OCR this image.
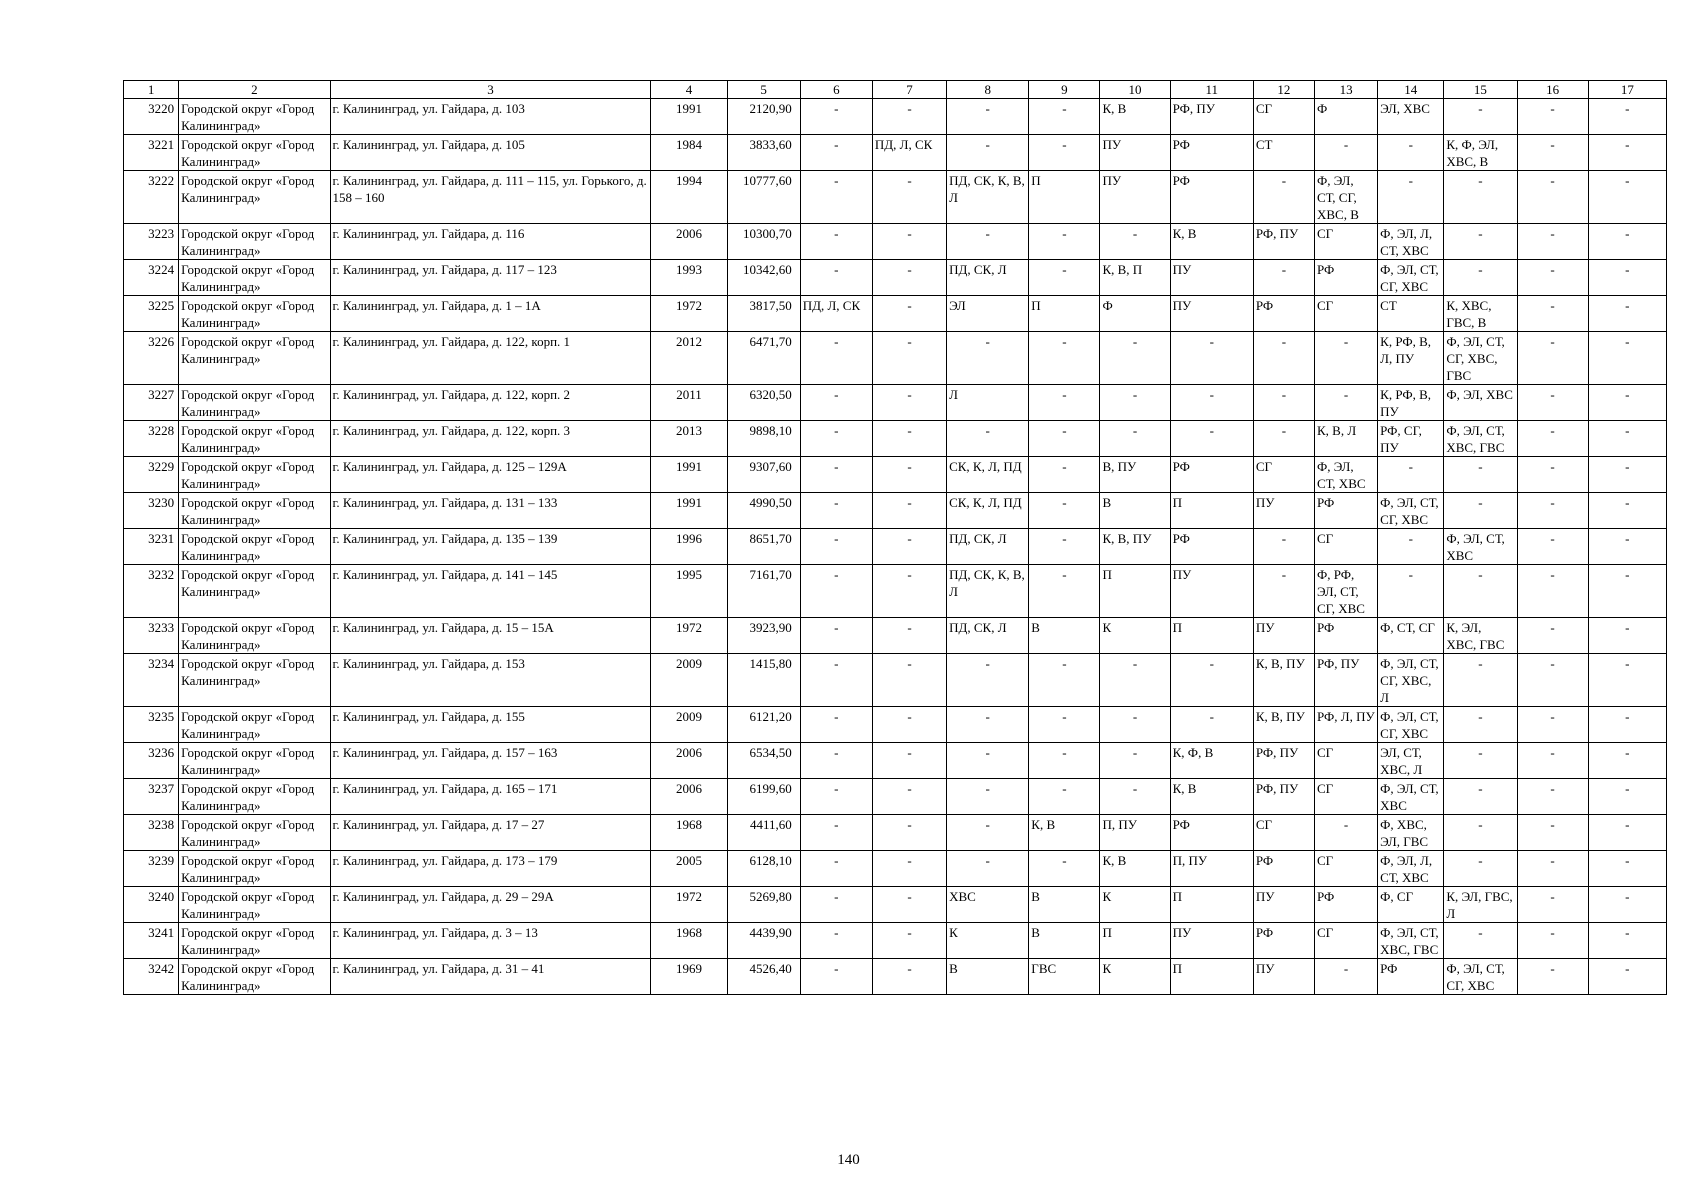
1	2	3	4	5	6	7	8	9	10	11	12	13	14	15	16	17
3220	Городской округ «Город Калининград»	г. Калининград, ул. Гайдара, д. 103	1991	2120,90	-	-	-	-	К, В	РФ, ПУ	СГ	Ф	ЭЛ, ХВС	-	-	-
3221	Городской округ «Город Калининград»	г. Калининград, ул. Гайдара, д. 105	1984	3833,60	-	ПД, Л, СК	-	-	ПУ	РФ	СТ	-	-	К, Ф, ЭЛ, ХВС, В	-	-
3222	Городской округ «Город Калининград»	г. Калининград, ул. Гайдара, д. 111 – 115, ул. Горького, д. 158 – 160	1994	10777,60	-	-	ПД, СК, К, В, Л	П	ПУ	РФ	-	Ф, ЭЛ, СТ, СГ, ХВС, В	-	-	-	-
3223	Городской округ «Город Калининград»	г. Калининград, ул. Гайдара, д. 116	2006	10300,70	-	-	-	-	-	К, В	РФ, ПУ	СГ	Ф, ЭЛ, Л, СТ, ХВС	-	-	-
3224	Городской округ «Город Калининград»	г. Калининград, ул. Гайдара, д. 117 – 123	1993	10342,60	-	-	ПД, СК, Л	-	К, В, П	ПУ	-	РФ	Ф, ЭЛ, СТ, СГ, ХВС	-	-	-
3225	Городской округ «Город Калининград»	г. Калининград, ул. Гайдара, д. 1 – 1А	1972	3817,50	ПД, Л, СК	-	ЭЛ	П	Ф	ПУ	РФ	СГ	СТ	К, ХВС, ГВС, В	-	-
3226	Городской округ «Город Калининград»	г. Калининград, ул. Гайдара, д. 122, корп. 1	2012	6471,70	-	-	-	-	-	-	-	-	К, РФ, В, Л, ПУ	Ф, ЭЛ, СТ, СГ, ХВС, ГВС	-	-
3227	Городской округ «Город Калининград»	г. Калининград, ул. Гайдара, д. 122, корп. 2	2011	6320,50	-	-	Л	-	-	-	-	-	К, РФ, В, ПУ	Ф, ЭЛ, ХВС	-	-
3228	Городской округ «Город Калининград»	г. Калининград, ул. Гайдара, д. 122, корп. 3	2013	9898,10	-	-	-	-	-	-	-	К, В, Л	РФ, СГ, ПУ	Ф, ЭЛ, СТ, ХВС, ГВС	-	-
3229	Городской округ «Город Калининград»	г. Калининград, ул. Гайдара, д. 125 – 129А	1991	9307,60	-	-	СК, К, Л, ПД	-	В, ПУ	РФ	СГ	Ф, ЭЛ, СТ, ХВС	-	-	-	-
3230	Городской округ «Город Калининград»	г. Калининград, ул. Гайдара, д. 131 – 133	1991	4990,50	-	-	СК, К, Л, ПД	-	В	П	ПУ	РФ	Ф, ЭЛ, СТ, СГ, ХВС	-	-	-
3231	Городской округ «Город Калининград»	г. Калининград, ул. Гайдара, д. 135 – 139	1996	8651,70	-	-	ПД, СК, Л	-	К, В, ПУ	РФ	-	СГ	-	Ф, ЭЛ, СТ, ХВС	-	-
3232	Городской округ «Город Калининград»	г. Калининград, ул. Гайдара, д. 141 – 145	1995	7161,70	-	-	ПД, СК, К, В, Л	-	П	ПУ	-	Ф, РФ, ЭЛ, СТ, СГ, ХВС	-	-	-	-
3233	Городской округ «Город Калининград»	г. Калининград, ул. Гайдара, д. 15 – 15А	1972	3923,90	-	-	ПД, СК, Л	В	К	П	ПУ	РФ	Ф, СТ, СГ	К, ЭЛ, ХВС, ГВС	-	-
3234	Городской округ «Город Калининград»	г. Калининград, ул. Гайдара, д. 153	2009	1415,80	-	-	-	-	-	-	К, В, ПУ	РФ, ПУ	Ф, ЭЛ, СТ, СГ, ХВС, Л	-	-	-
3235	Городской округ «Город Калининград»	г. Калининград, ул. Гайдара, д. 155	2009	6121,20	-	-	-	-	-	-	К, В, ПУ	РФ, Л, ПУ	Ф, ЭЛ, СТ, СГ, ХВС	-	-	-
3236	Городской округ «Город Калининград»	г. Калининград, ул. Гайдара, д. 157 – 163	2006	6534,50	-	-	-	-	-	К, Ф, В	РФ, ПУ	СГ	ЭЛ, СТ, ХВС, Л	-	-	-
3237	Городской округ «Город Калининград»	г. Калининград, ул. Гайдара, д. 165 – 171	2006	6199,60	-	-	-	-	-	К, В	РФ, ПУ	СГ	Ф, ЭЛ, СТ, ХВС	-	-	-
3238	Городской округ «Город Калининград»	г. Калининград, ул. Гайдара, д. 17 – 27	1968	4411,60	-	-	-	К, В	П, ПУ	РФ	СГ	-	Ф, ХВС, ЭЛ, ГВС	-	-	-
3239	Городской округ «Город Калининград»	г. Калининград, ул. Гайдара, д. 173 – 179	2005	6128,10	-	-	-	-	К, В	П, ПУ	РФ	СГ	Ф, ЭЛ, Л, СТ, ХВС	-	-	-
3240	Городской округ «Город Калининград»	г. Калининград, ул. Гайдара, д. 29 – 29А	1972	5269,80	-	-	ХВС	В	К	П	ПУ	РФ	Ф, СГ	К, ЭЛ, ГВС, Л	-	-
3241	Городской округ «Город Калининград»	г. Калининград, ул. Гайдара, д. 3 – 13	1968	4439,90	-	-	К	В	П	ПУ	РФ	СГ	Ф, ЭЛ, СТ, ХВС, ГВС	-	-	-
3242	Городской округ «Город Калининград»	г. Калининград, ул. Гайдара, д. 31 – 41	1969	4526,40	-	-	В	ГВС	К	П	ПУ	-	РФ	Ф, ЭЛ, СТ, СГ, ХВС	-	-
140
